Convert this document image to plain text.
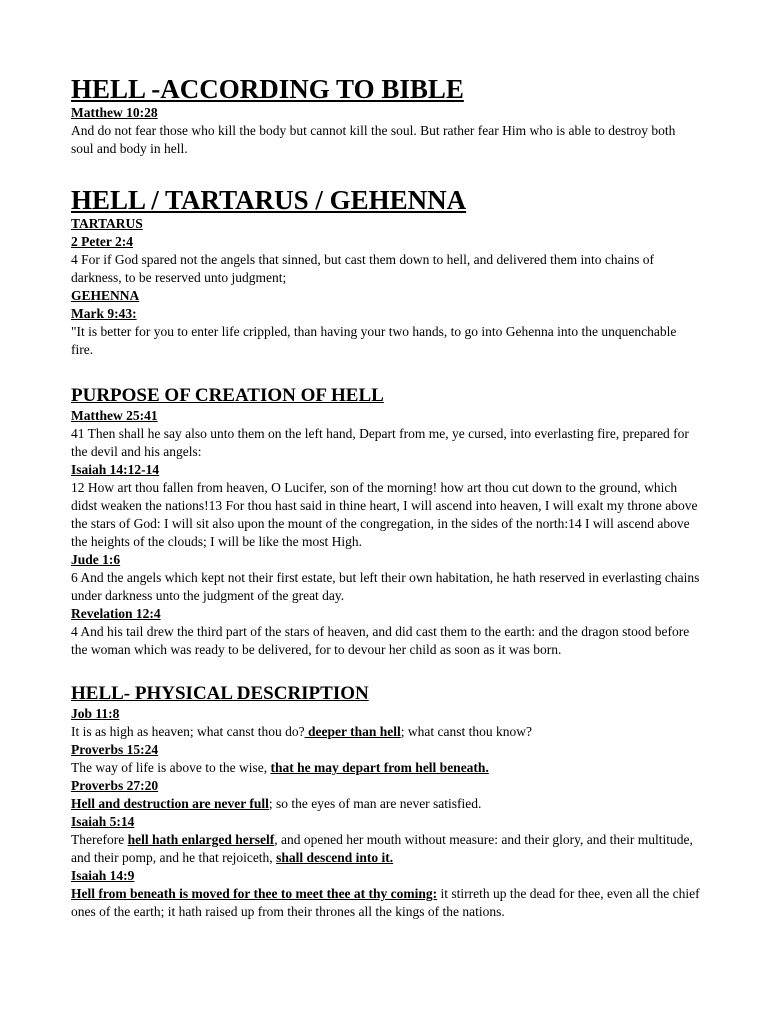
HELL -ACCORDING TO BIBLE

Matthew 10:28

And do not fear those who kill the body but cannot kill the soul. But rather fear Him who is able to destroy both soul and body in hell.

HELL / TARTARUS / GEHENNA

TARTARUS

2 Peter 2:4

4 For if God spared not the angels that sinned, but cast them down to hell, and delivered them into chains of darkness, to be reserved unto judgment;

GEHENNA

Mark 9:43:

"It is better for you to enter life crippled, than having your two hands, to go into Gehenna into the unquenchable fire.

PURPOSE OF CREATION OF HELL

Matthew 25:41

41 Then shall he say also unto them on the left hand, Depart from me, ye cursed, into everlasting fire, prepared for the devil and his angels:

Isaiah 14:12-14

12 How art thou fallen from heaven, O Lucifer, son of the morning! how art thou cut down to the ground, which didst weaken the nations!13 For thou hast said in thine heart, I will ascend into heaven, I will exalt my throne above the stars of God: I will sit also upon the mount of the congregation, in the sides of the north:14 I will ascend above the heights of the clouds; I will be like the most High.

Jude 1:6

6 And the angels which kept not their first estate, but left their own habitation, he hath reserved in everlasting chains under darkness unto the judgment of the great day.

Revelation 12:4

4 And his tail drew the third part of the stars of heaven, and did cast them to the earth: and the dragon stood before the woman which was ready to be delivered, for to devour her child as soon as it was born.

HELL- PHYSICAL DESCRIPTION

Job 11:8

It is as high as heaven; what canst thou do? deeper than hell; what canst thou know?

Proverbs 15:24

The way of life is above to the wise, that he may depart from hell beneath.

Proverbs 27:20

Hell and destruction are never full; so the eyes of man are never satisfied.

Isaiah 5:14

Therefore hell hath enlarged herself, and opened her mouth without measure: and their glory, and their multitude, and their pomp, and he that rejoiceth, shall descend into it.

Isaiah 14:9

Hell from beneath is moved for thee to meet thee at thy coming: it stirreth up the dead for thee, even all the chief ones of the earth; it hath raised up from their thrones all the kings of the nations.
